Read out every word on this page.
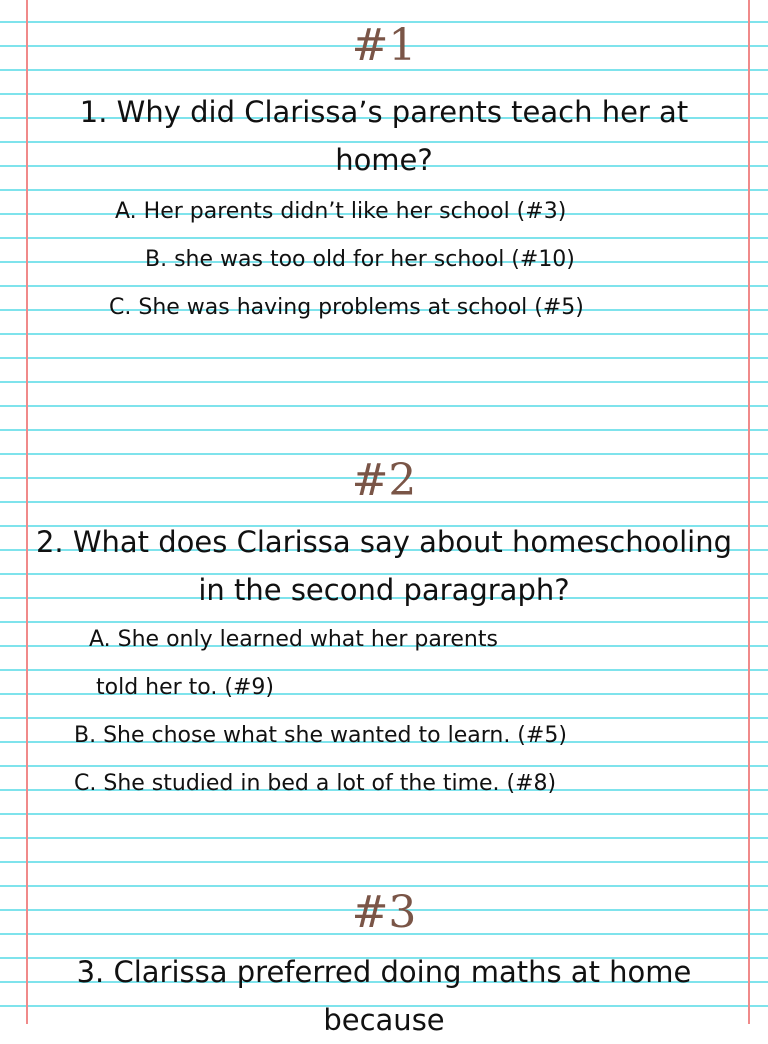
#1
1. Why did Clarissa’s parents teach her at home?
A. Her parents didn’t like her school (#3)
B. she was too old for her school (#10)
C. She was having problems at school (#5)
#2
2. What does Clarissa say about homeschooling in the second paragraph?
A. She only learned what her parents
told her to. (#9)
B. She chose what she wanted to learn. (#5)
C. She studied in bed a lot of the time. (#8)
#3
3. Clarissa preferred doing maths at home because
